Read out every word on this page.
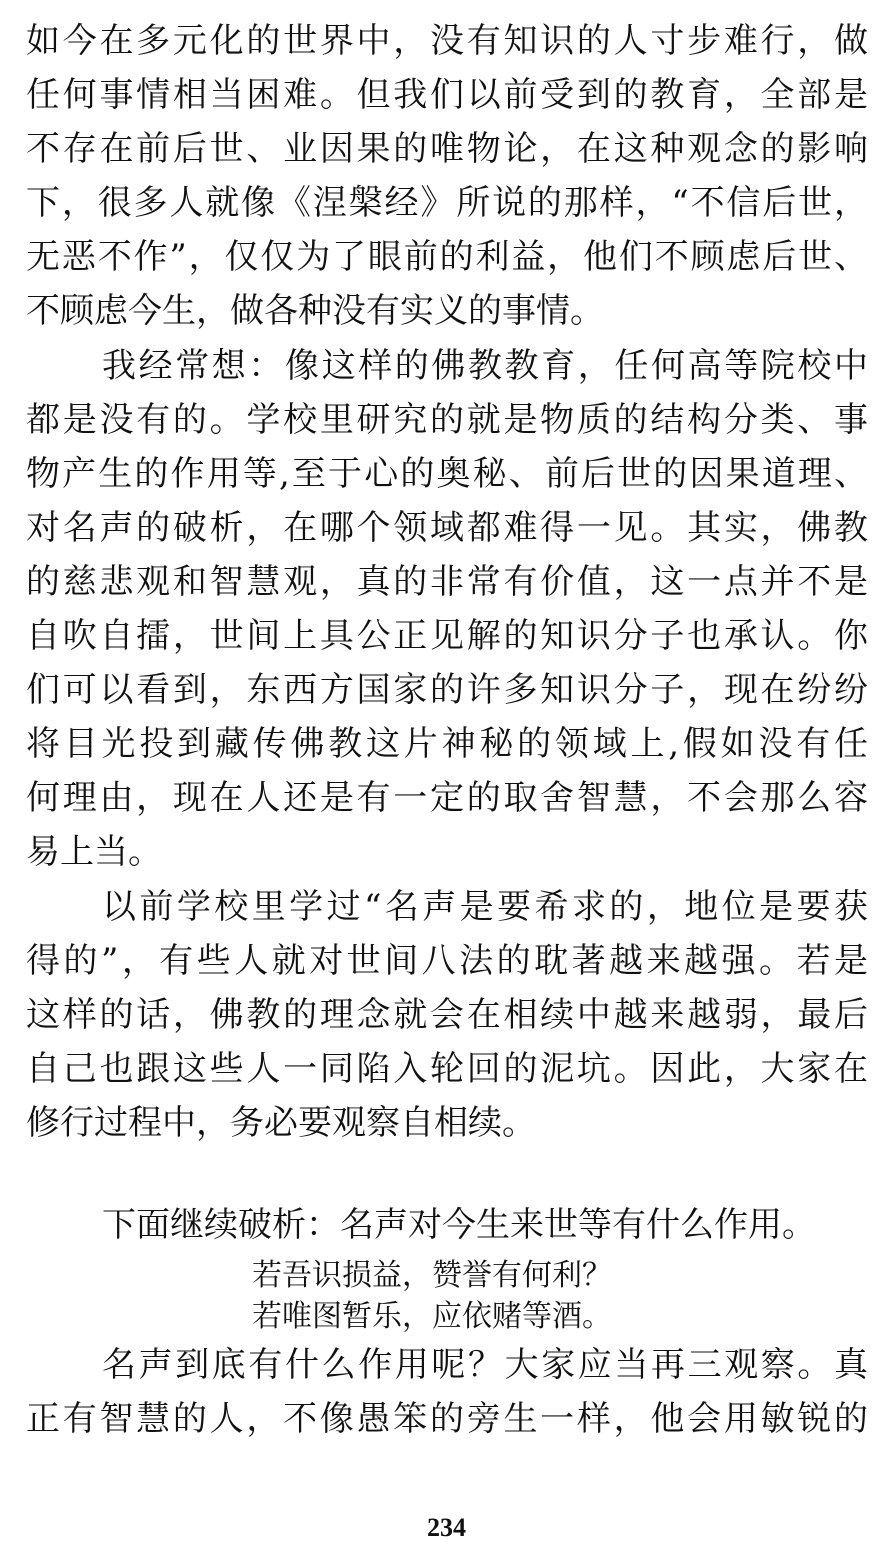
如今在多元化的世界中，没有知识的人寸步难行，做
任何事情相当困难。但我们以前受到的教育，全部是
不存在前后世、业因果的唯物论，在这种观念的影响
下，很多人就像《涅槃经》所说的那样，“不信后世，
无恶不作”，仅仅为了眼前的利益，他们不顾虑后世、
不顾虑今生，做各种没有实义的事情。
我经常想：像这样的佛教教育，任何高等院校中
都是没有的。学校里研究的就是物质的结构分类、事
物产生的作用等,至于心的奥秘、前后世的因果道理、
对名声的破析，在哪个领域都难得一见。其实，佛教
的慈悲观和智慧观，真的非常有价值，这一点并不是
自吹自擂，世间上具公正见解的知识分子也承认。你
们可以看到，东西方国家的许多知识分子，现在纷纷
将目光投到藏传佛教这片神秘的领域上,假如没有任
何理由，现在人还是有一定的取舍智慧，不会那么容
易上当。
以前学校里学过“名声是要希求的，地位是要获
得的”，有些人就对世间八法的耽著越来越强。若是
这样的话，佛教的理念就会在相续中越来越弱，最后
自己也跟这些人一同陷入轮回的泥坑。因此，大家在
修行过程中，务必要观察自相续。
下面继续破析：名声对今生来世等有什么作用。
若吾识损益，赞誉有何利？
若唯图暂乐，应依赌等酒。
名声到底有什么作用呢？大家应当再三观察。真
正有智慧的人，不像愚笨的旁生一样，他会用敏锐的
234
